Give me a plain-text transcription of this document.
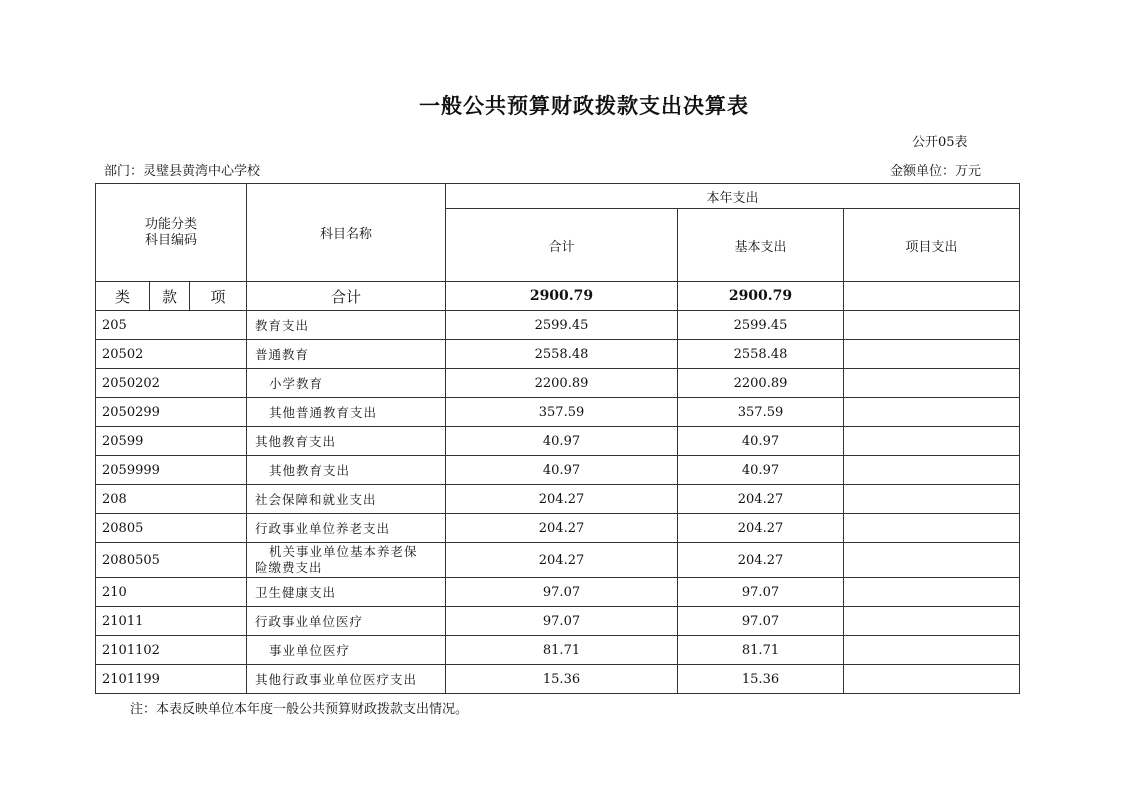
一般公共预算财政拨款支出决算表
公开05表
部门：灵璧县黄湾中心学校	金额单位：万元
功能分类
科目编码			科目名称	本年支出		
				合计	基本支出	项目支出
类	款	项	合计	2900.79	2900.79	
205			教育支出	2599.45	2599.45	
20502			普通教育	2558.48	2558.48	
2050202			小学教育	2200.89	2200.89	
2050299			其他普通教育支出	357.59	357.59	
20599			其他教育支出	40.97	40.97	
2059999			其他教育支出	40.97	40.97	
208			社会保障和就业支出	204.27	204.27	
20805			行政事业单位养老支出	204.27	204.27	
2080505			机关事业单位基本养老保
险缴费支出	204.27	204.27	
210			卫生健康支出	97.07	97.07	
21011			行政事业单位医疗	97.07	97.07	
2101102			事业单位医疗	81.71	81.71	
2101199			其他行政事业单位医疗支出	15.36	15.36	
注：本表反映单位本年度一般公共预算财政拨款支出情况。
